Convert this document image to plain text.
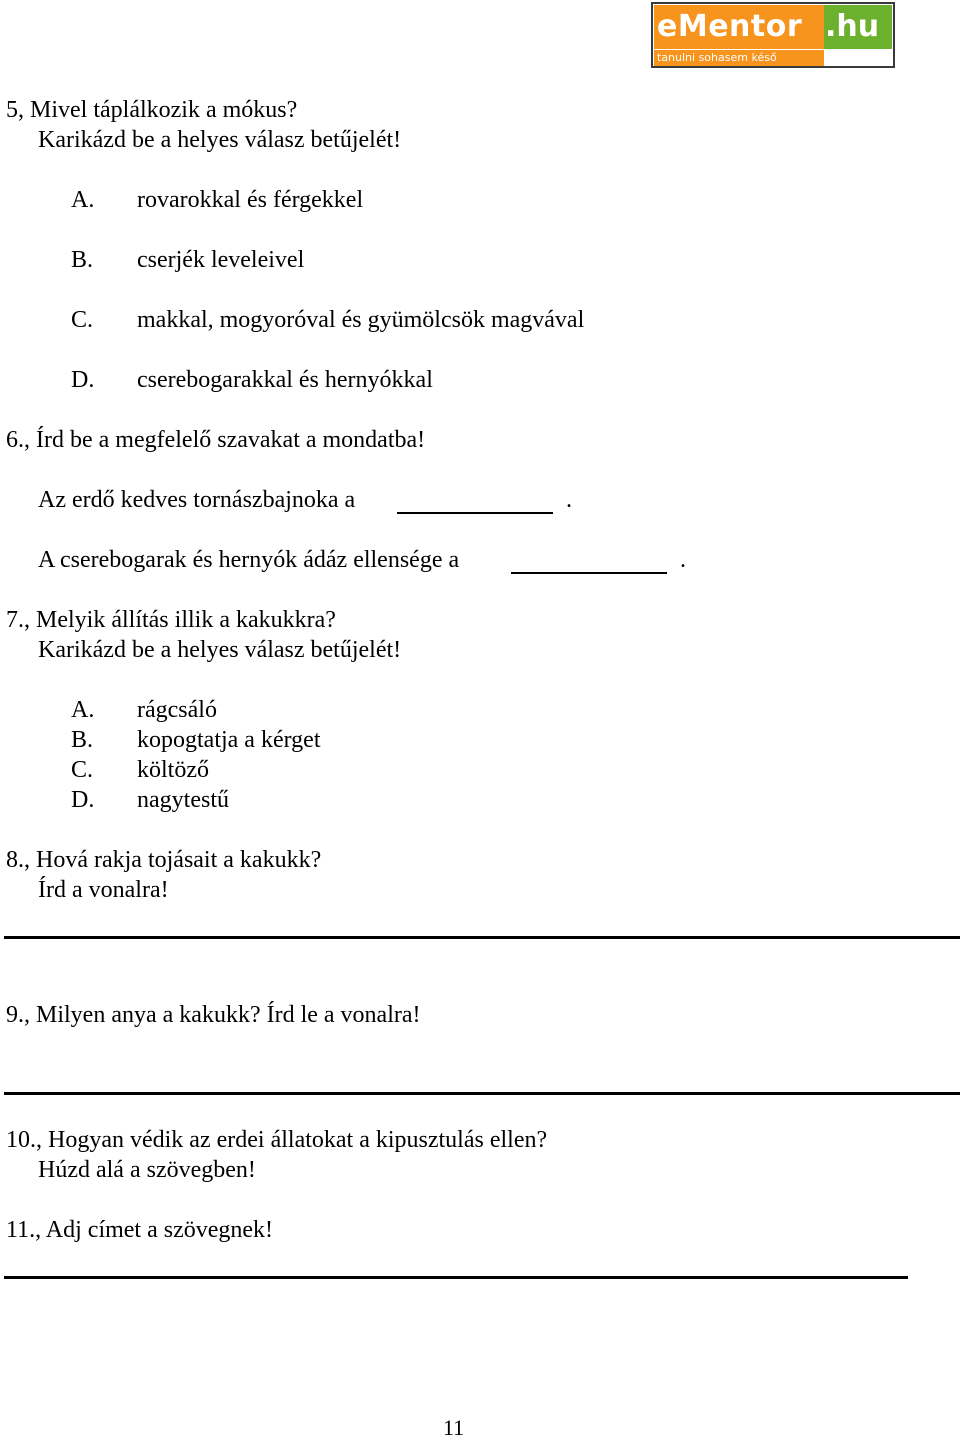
eMentor .hu
tanulni sohasem késő
5, Mivel táplálkozik a mókus?
Karikázd be a helyes válasz betűjelét!
A. rovarokkal és férgekkel
B. cserjék leveleivel
C. makkal, mogyoróval és gyümölcsök magvával
D. cserebogarakkal és hernyókkal
6., Írd be a megfelelő szavakat a mondatba!
Az erdő kedves tornászbajnoka a	.
A cserebogarak és hernyók ádáz ellensége a	.
7., Melyik állítás illik a kakukkra?
Karikázd be a helyes válasz betűjelét!
A. rágcsáló
B. kopogtatja a kérget
C. költöző
D. nagytestű
8., Hová rakja tojásait a kakukk?
Írd a vonalra!
9., Milyen anya a kakukk? Írd le a vonalra!
10., Hogyan védik az erdei állatokat a kipusztulás ellen?
Húzd alá a szövegben!
11., Adj címet a szövegnek!
11
